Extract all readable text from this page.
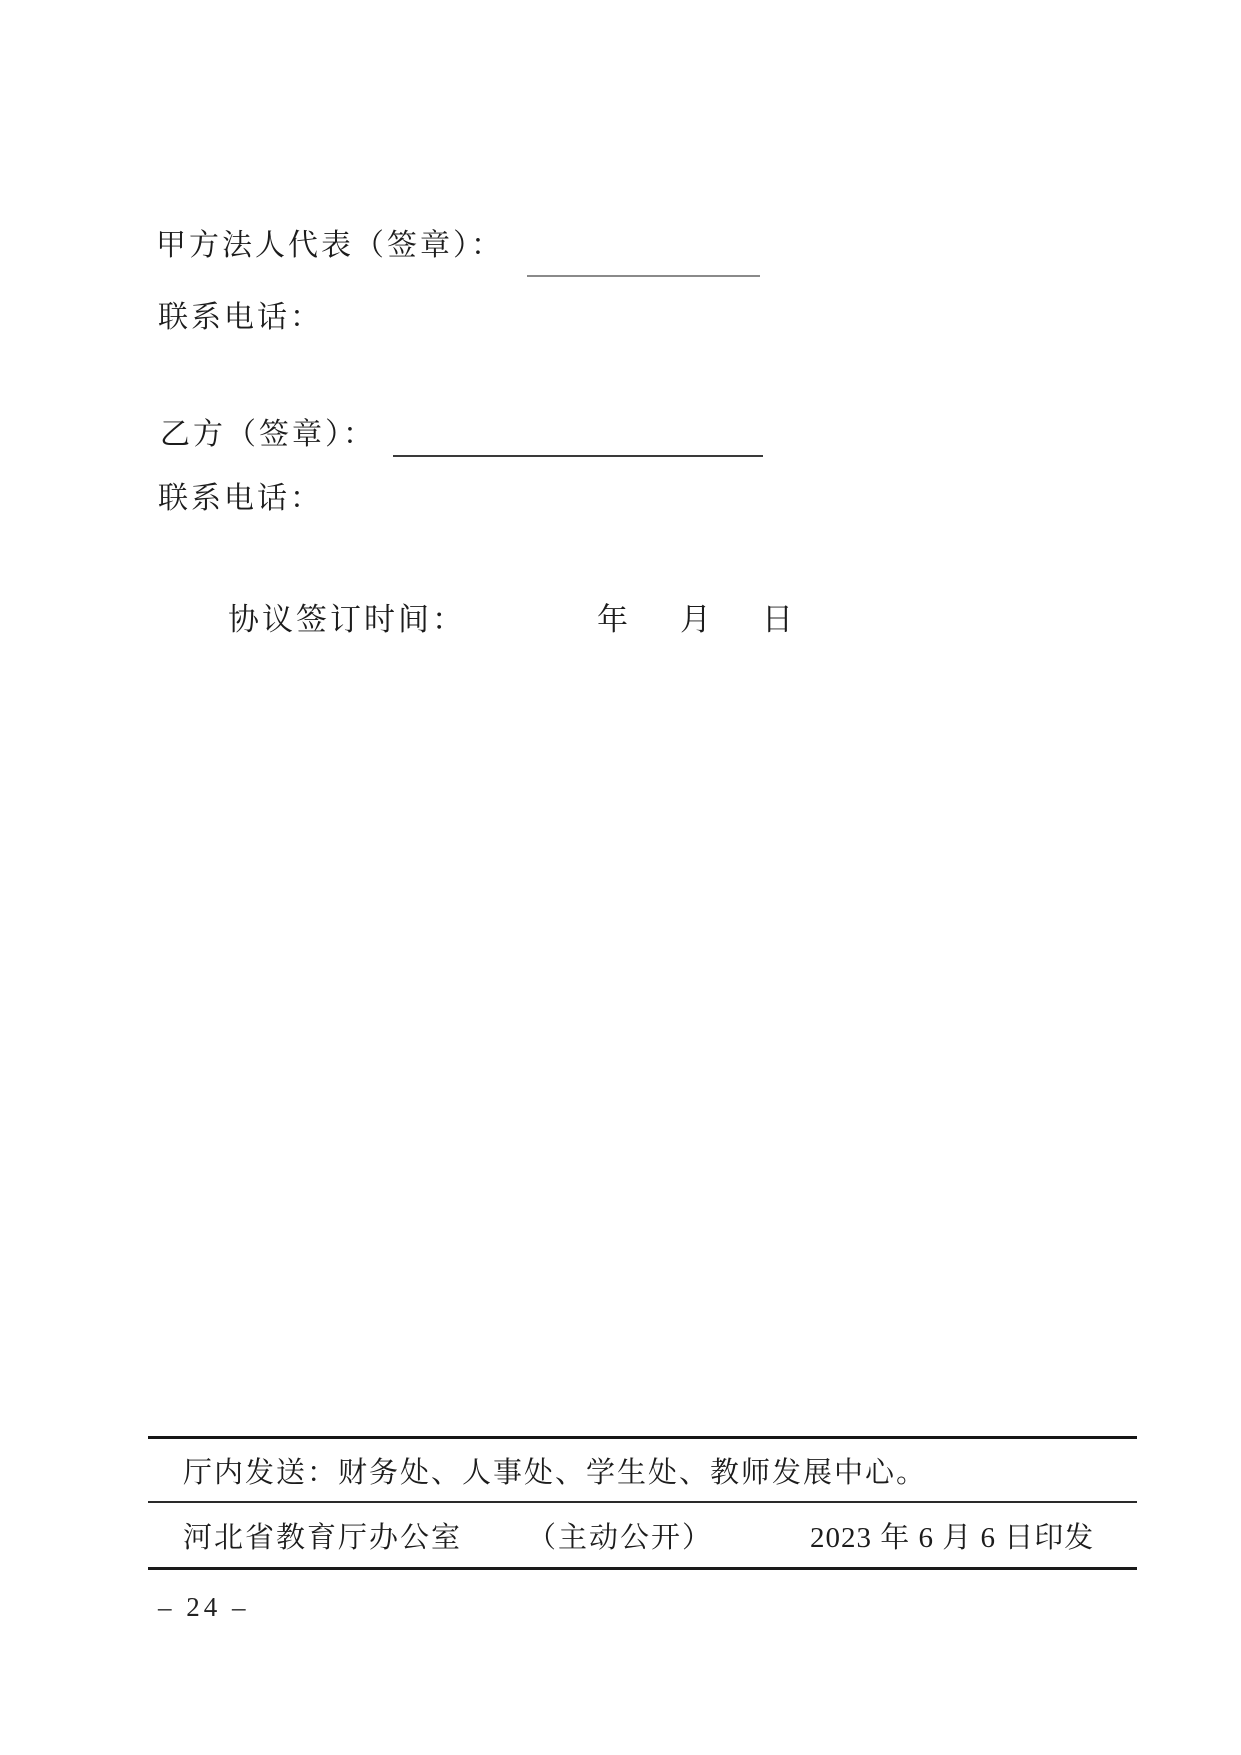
甲方法人代表（签章）：
联系电话：
乙方（签章）：
联系电话：
协议签订时间：	年 月 日
厅内发送：财务处、人事处、学生处、教师发展中心。
河北省教育厅办公室 （主动公开）	2023 年 6 月 6 日印发
– 24 –
